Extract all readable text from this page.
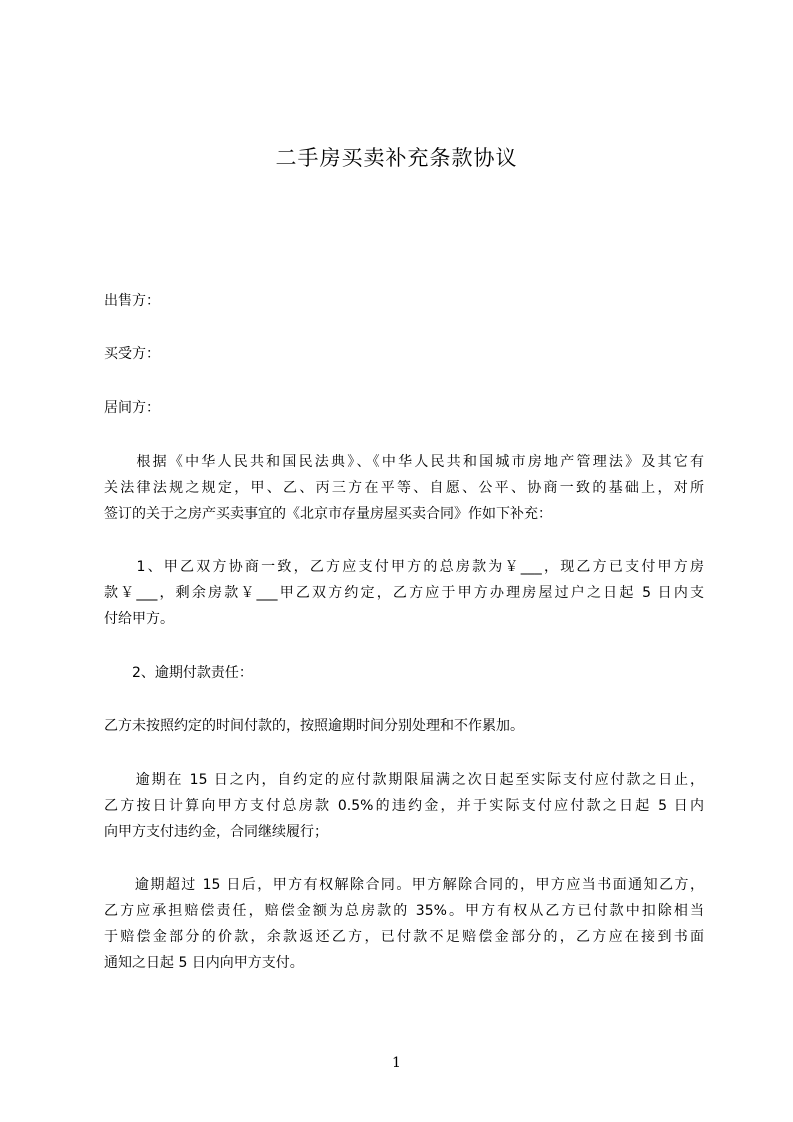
二手房买卖补充条款协议
出售方：
买受方：
居间方：
　　根据《中华人民共和国民法典》、《中华人民共和国城市房地产管理法》及其它有
关法律法规之规定，甲、乙、丙三方在平等、自愿、公平、协商一致的基础上，对所
签订的关于之房产买卖事宜的《北京市存量房屋买卖合同》作如下补充：
　　1、甲乙双方协商一致，乙方应支付甲方的总房款为￥___，现乙方已支付甲方房
款￥___，剩余房款￥___甲乙双方约定，乙方应于甲方办理房屋过户之日起 5 日内支
付给甲方。
　　2、逾期付款责任：
乙方未按照约定的时间付款的，按照逾期时间分别处理和不作累加。
　　逾期在 15 日之内，自约定的应付款期限届满之次日起至实际支付应付款之日止，
乙方按日计算向甲方支付总房款 0.5%的违约金，并于实际支付应付款之日起 5 日内
向甲方支付违约金，合同继续履行；
　　逾期超过 15 日后，甲方有权解除合同。甲方解除合同的，甲方应当书面通知乙方，
乙方应承担赔偿责任，赔偿金额为总房款的 35%。甲方有权从乙方已付款中扣除相当
于赔偿金部分的价款，余款返还乙方，已付款不足赔偿金部分的，乙方应在接到书面
通知之日起 5 日内向甲方支付。
1
